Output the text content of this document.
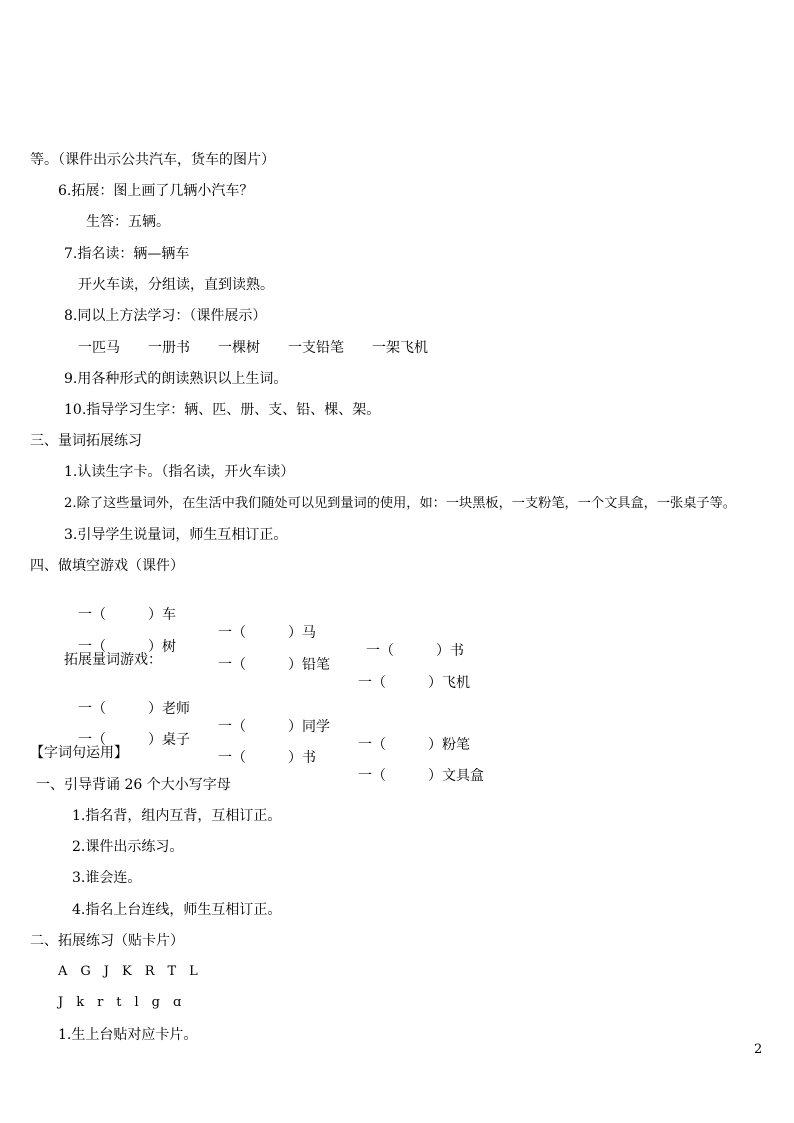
等。（课件出示公共汽车，货车的图片）
6.拓展：图上画了几辆小汽车？
生答：五辆。
7.指名读：辆—辆车
开火车读，分组读，直到读熟。
8.同以上方法学习：（课件展示）
一匹马　　一册书　　一棵树　　一支铅笔　　一架飞机
9.用各种形式的朗读熟识以上生词。
10.指导学习生字：辆、匹、册、支、铅、棵、架。
三、量词拓展练习
1.认读生字卡。（指名读，开火车读）
2.除了这些量词外，在生活中我们随处可以见到量词的使用，如：一块黑板，一支粉笔，一个文具盒，一张桌子等。
3.引导学生说量词，师生互相订正。
四、做填空游戏（课件）

一（　　　）车

一（　　　）马

一（　　　）书

一（　　　）树

一（　　　）铅笔

一（　　　）飞机

拓展量词游戏：

一（　　　）老师

一（　　　）同学

一（　　　）粉笔

一（　　　）桌子

一（　　　）书

一（　　　）文具盒

【字词句运用】
一、引导背诵 26 个大小写字母
1.指名背，组内互背，互相订正。
2.课件出示练习。
3.谁会连。
4.指名上台连线，师生互相订正。
二、拓展练习（贴卡片）
A　G　J　K　R　T　L
J　k　r　t　l　g　ɑ
1.生上台贴对应卡片。
2
